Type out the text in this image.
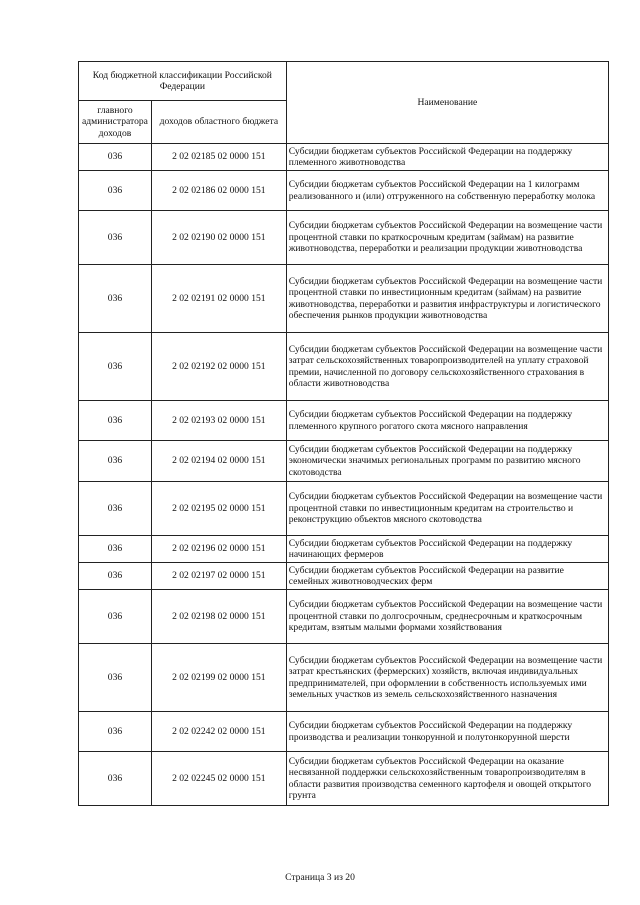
Код бюджетной классификации Российской Федерации		Наименование
главного администратора доходов	доходов областного бюджета	
036	2 02 02185 02 0000 151	Субсидии бюджетам субъектов Российской Федерации на поддержку племенного животноводства
036	2 02 02186 02 0000 151	Субсидии бюджетам субъектов Российской Федерации на 1 килограмм реализованного и (или) отгруженного на собственную переработку молока
036	2 02 02190 02 0000 151	Субсидии бюджетам субъектов Российской Федерации на возмещение части процентной ставки по краткосрочным кредитам (займам) на развитие животноводства, переработки и реализации продукции животноводства
036	2 02 02191 02 0000 151	Субсидии бюджетам субъектов Российской Федерации на возмещение части процентной ставки по инвестиционным кредитам (займам) на развитие животноводства, переработки и развития инфраструктуры и логистического обеспечения рынков продукции животноводства
036	2 02 02192 02 0000 151	Субсидии бюджетам субъектов Российской Федерации на возмещение части затрат сельскохозяйственных товаропроизводителей на уплату страховой премии, начисленной по договору сельскохозяйственного страхования в области животноводства
036	2 02 02193 02 0000 151	Субсидии бюджетам субъектов Российской Федерации на поддержку племенного крупного рогатого скота мясного направления
036	2 02 02194 02 0000 151	Субсидии бюджетам субъектов Российской Федерации на поддержку экономически значимых региональных программ по развитию мясного скотоводства
036	2 02 02195 02 0000 151	Субсидии бюджетам субъектов Российской Федерации на возмещение части процентной ставки по инвестиционным кредитам на строительство и реконструкцию объектов мясного скотоводства
036	2 02 02196 02 0000 151	Субсидии бюджетам субъектов Российской Федерации на поддержку начинающих фермеров
036	2 02 02197 02 0000 151	Субсидии бюджетам субъектов Российской Федерации на развитие семейных животноводческих ферм
036	2 02 02198 02 0000 151	Субсидии бюджетам субъектов Российской Федерации на возмещение части процентной ставки по долгосрочным, среднесрочным и краткосрочным кредитам, взятым малыми формами хозяйствования
036	2 02 02199 02 0000 151	Субсидии бюджетам субъектов Российской Федерации на возмещение части затрат крестьянских (фермерских) хозяйств, включая индивидуальных предпринимателей, при оформлении в собственность используемых ими земельных участков из земель сельскохозяйственного назначения
036	2 02 02242 02 0000 151	Субсидии бюджетам субъектов Российской Федерации на поддержку производства и реализации тонкорунной и полутонкорунной шерсти
036	2 02 02245 02 0000 151	Субсидии бюджетам субъектов Российской Федерации на оказание несвязанной поддержки сельскохозяйственным товаропроизводителям в области развития производства семенного картофеля и овощей открытого грунта
Страница 3 из 20
